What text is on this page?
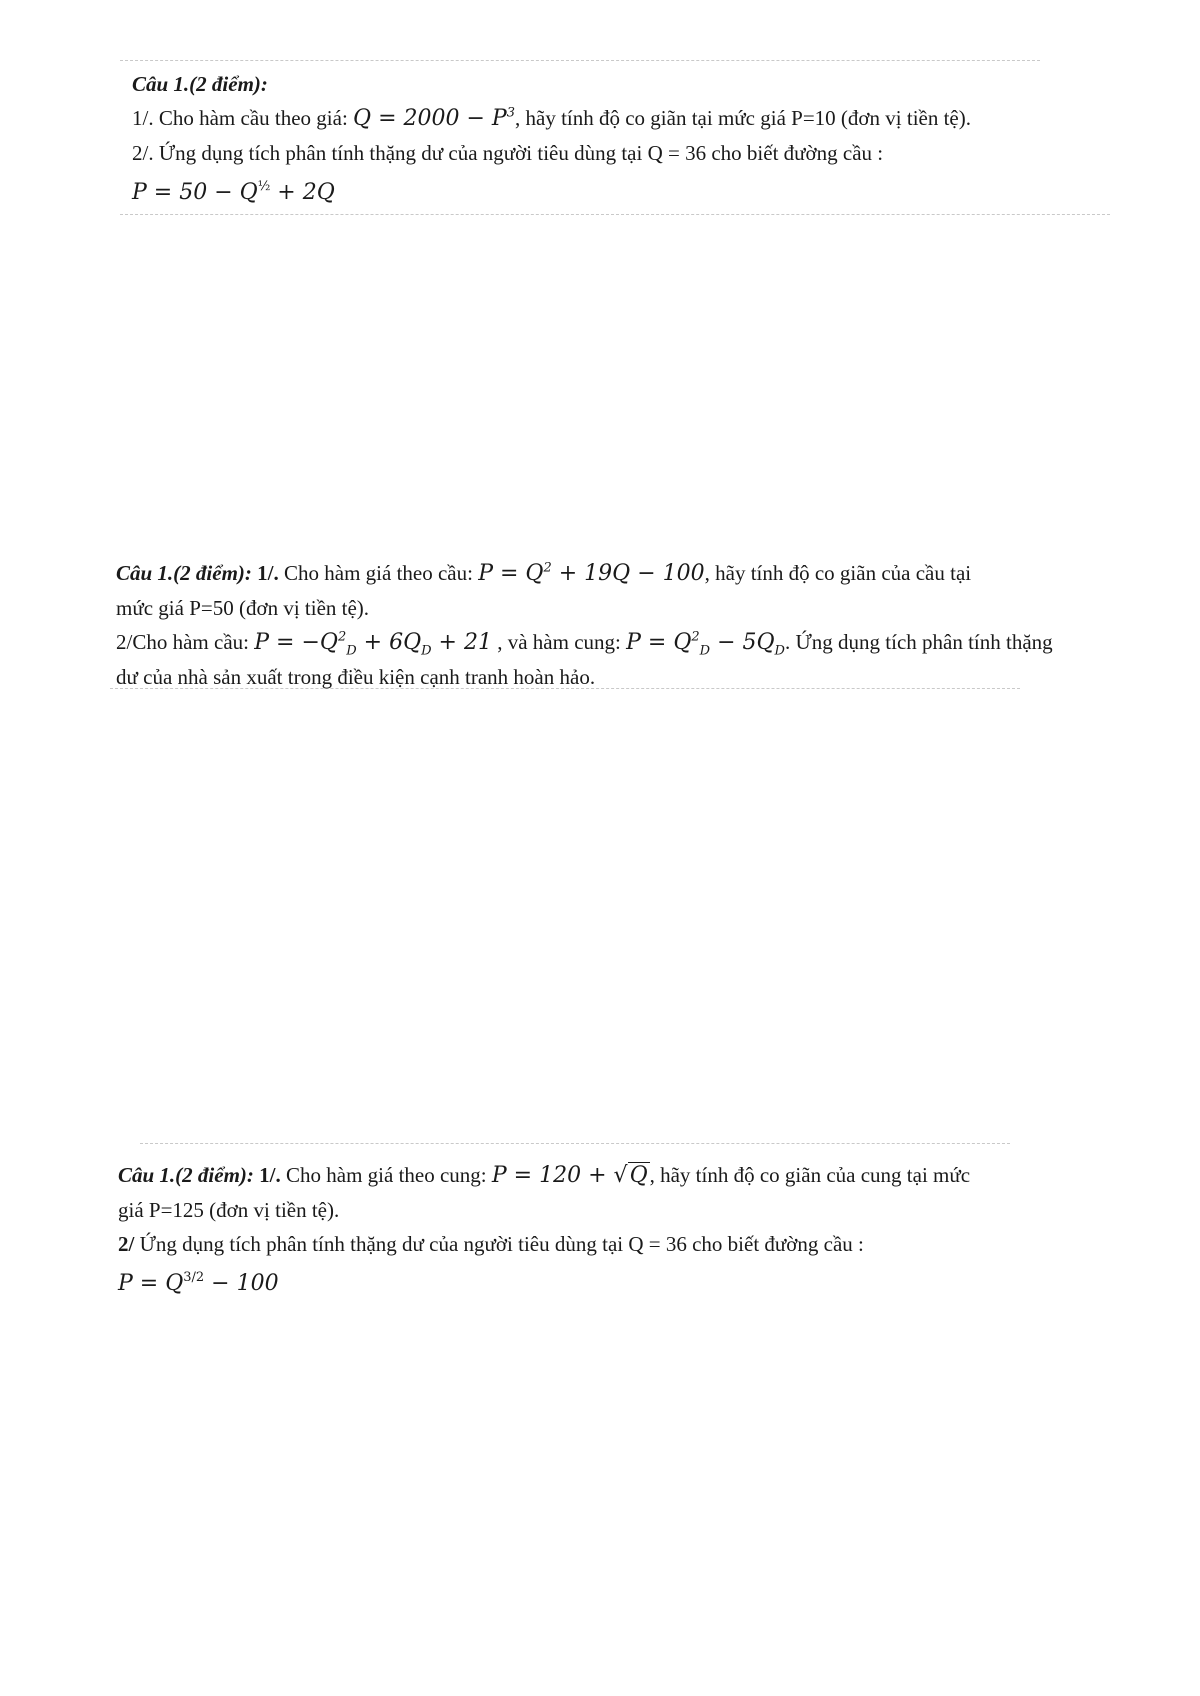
Câu 1.(2 điểm):
1/. Cho hàm cầu theo giá: $Q = 2000 - P^3$, hãy tính độ co giãn tại mức giá P=10 (đơn vị tiền tệ).
2/. Ứng dụng tích phân tính thặng dư của người tiêu dùng tại Q = 36 cho biết đường cầu :
$P = 50 - Q^{\frac{1}{2}} + 2Q$
Câu 1.(2 điểm): 1/. Cho hàm giá theo cầu: $P = Q^2 + 19Q - 100$, hãy tính độ co giãn của cầu tại
mức giá P=50 (đơn vị tiền tệ).
2/Cho hàm cầu: $P = -Q^2_D + 6Q_D + 21$ , và hàm cung: $P = Q^2_D - 5Q_D$. Ứng dụng tích phân tính thặng
dư của nhà sản xuất trong điều kiện cạnh tranh hoàn hảo.
Câu 1.(2 điểm): 1/. Cho hàm giá theo cung: P = 120 + √Q, hãy tính độ co giãn của cung tại mức
giá P=125 (đơn vị tiền tệ).
2/ Ứng dụng tích phân tính thặng dư của người tiêu dùng tại Q = 36 cho biết đường cầu :
$P = Q^{3/2} - 100$
